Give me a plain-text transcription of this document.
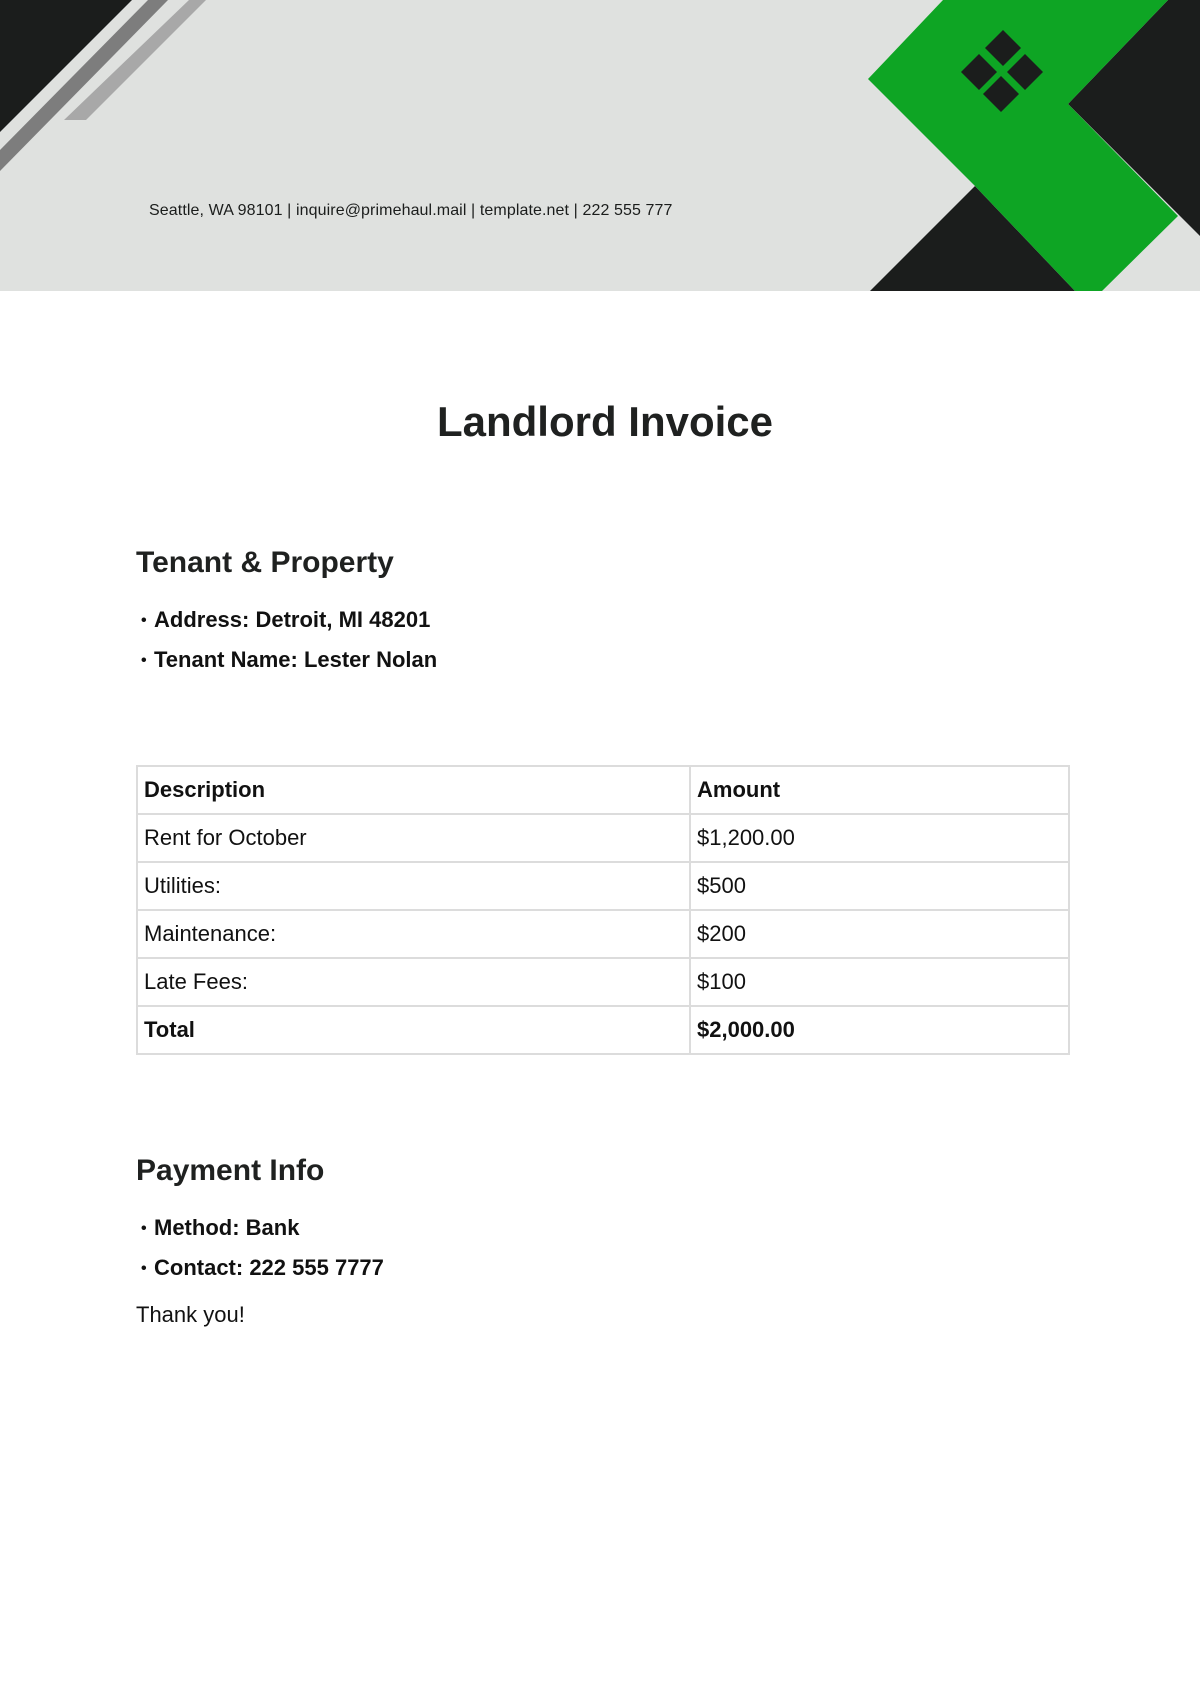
Seattle, WA 98101 | inquire@primehaul.mail | template.net | 222 555 777
Landlord Invoice
Tenant & Property
• Address: Detroit, MI 48201
• Tenant Name: Lester Nolan
Description	Amount
Rent for October	$1,200.00
Utilities:	$500
Maintenance:	$200
Late Fees:	$100
Total	$2,000.00
Payment Info
• Method: Bank
• Contact: 222 555 7777

Thank you!
